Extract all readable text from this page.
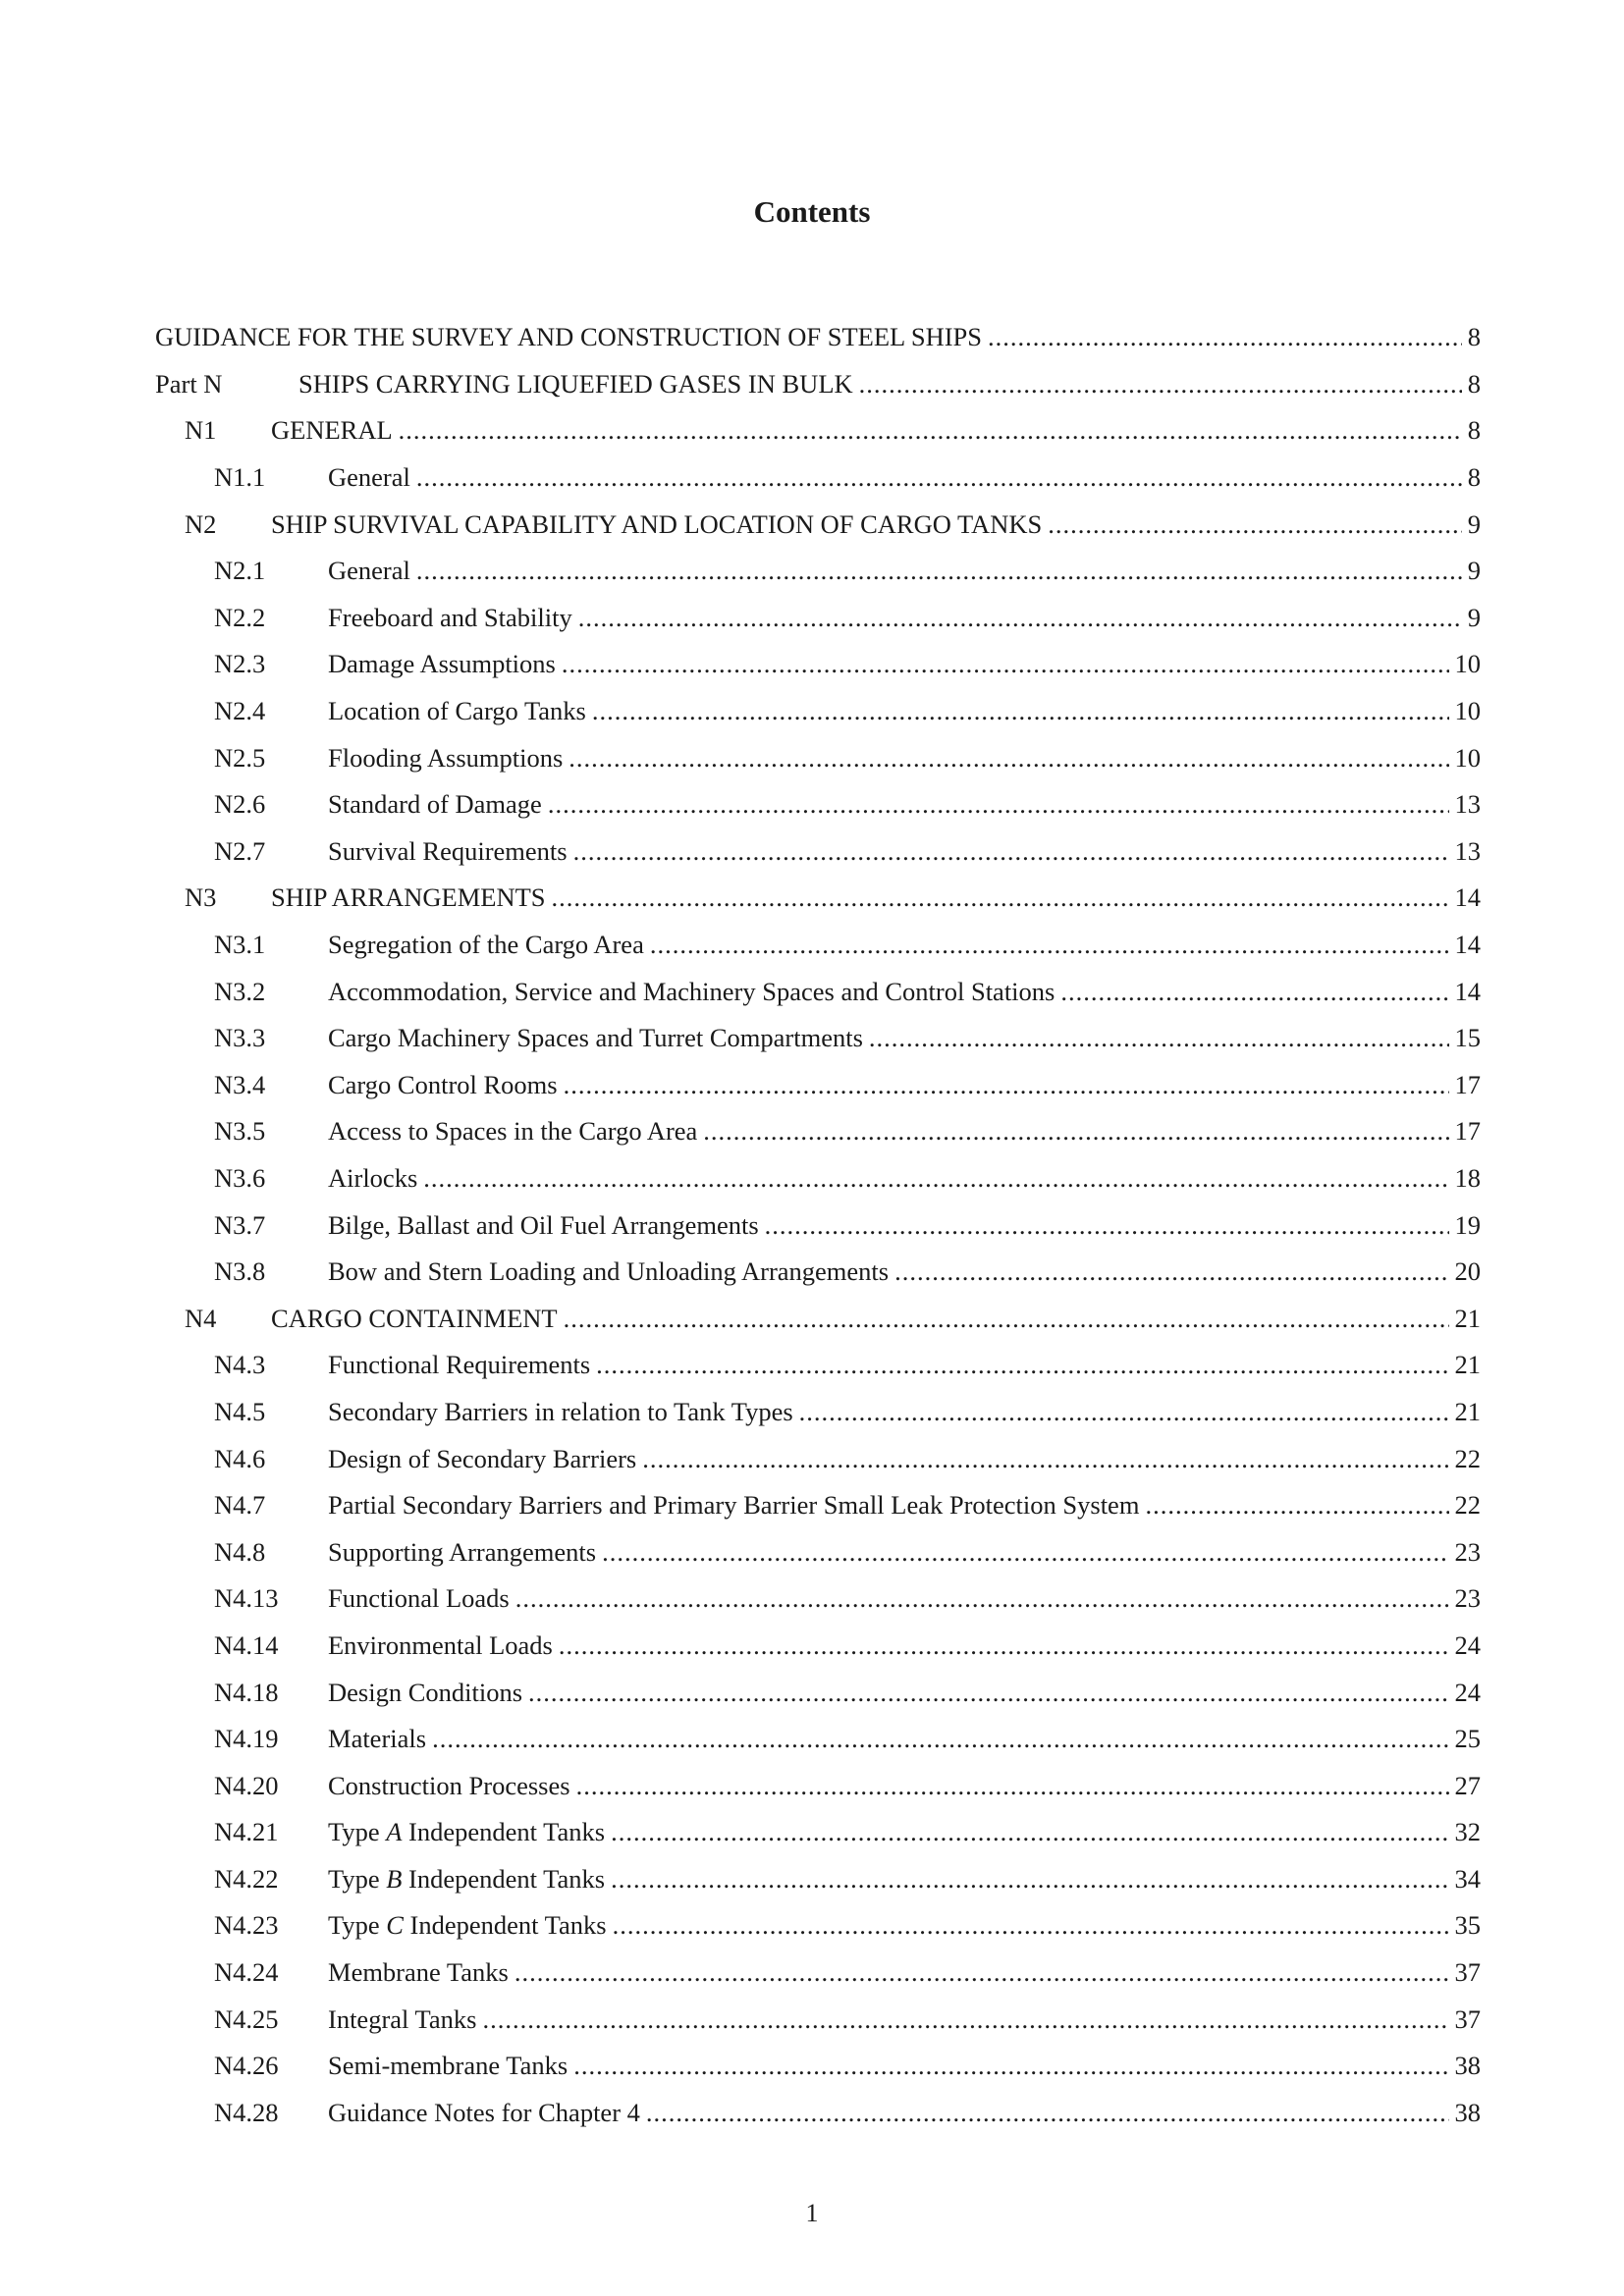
Contents
GUIDANCE FOR THE SURVEY AND CONSTRUCTION OF STEEL SHIPS .....	8
Part N	SHIPS CARRYING LIQUEFIED GASES IN BULK .....	8
N1	GENERAL .....	8
N1.1	General .....	8
N2	SHIP SURVIVAL CAPABILITY AND LOCATION OF CARGO TANKS .....	9
N2.1	General .....	9
N2.2	Freeboard and Stability .....	9
N2.3	Damage Assumptions .....	10
N2.4	Location of Cargo Tanks .....	10
N2.5	Flooding Assumptions .....	10
N2.6	Standard of Damage .....	13
N2.7	Survival Requirements .....	13
N3	SHIP ARRANGEMENTS .....	14
N3.1	Segregation of the Cargo Area .....	14
N3.2	Accommodation, Service and Machinery Spaces and Control Stations .....	14
N3.3	Cargo Machinery Spaces and Turret Compartments .....	15
N3.4	Cargo Control Rooms .....	17
N3.5	Access to Spaces in the Cargo Area .....	17
N3.6	Airlocks .....	18
N3.7	Bilge, Ballast and Oil Fuel Arrangements .....	19
N3.8	Bow and Stern Loading and Unloading Arrangements .....	20
N4	CARGO CONTAINMENT .....	21
N4.3	Functional Requirements .....	21
N4.5	Secondary Barriers in relation to Tank Types .....	21
N4.6	Design of Secondary Barriers .....	22
N4.7	Partial Secondary Barriers and Primary Barrier Small Leak Protection System .....	22
N4.8	Supporting Arrangements .....	23
N4.13	Functional Loads .....	23
N4.14	Environmental Loads .....	24
N4.18	Design Conditions .....	24
N4.19	Materials .....	25
N4.20	Construction Processes .....	27
N4.21	Type A Independent Tanks .....	32
N4.22	Type B Independent Tanks .....	34
N4.23	Type C Independent Tanks .....	35
N4.24	Membrane Tanks .....	37
N4.25	Integral Tanks .....	37
N4.26	Semi-membrane Tanks .....	38
N4.28	Guidance Notes for Chapter 4 .....	38
1
